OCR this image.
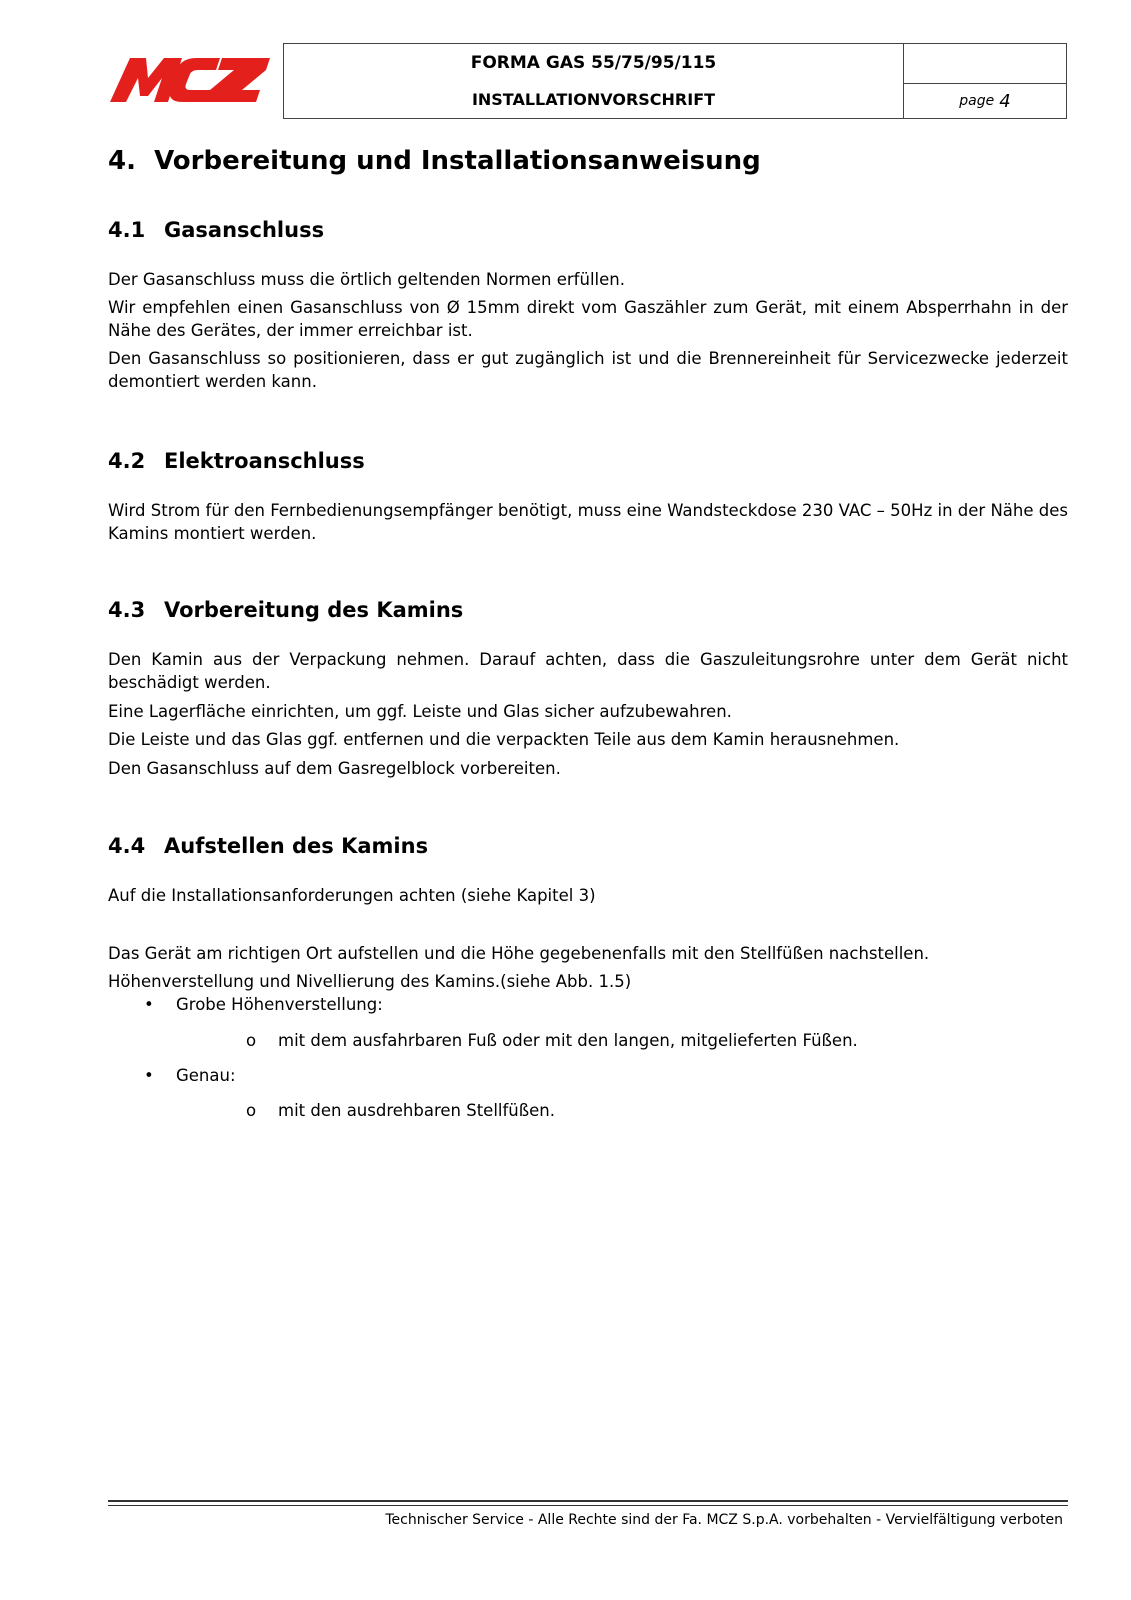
FORMA GAS 55/75/95/115
INSTALLATIONVORSCHRIFT	page 4
4.  Vorbereitung und Installationsanweisung
4.1 Gasanschluss

Der Gasanschluss muss die örtlich geltenden Normen erfüllen.

Wir empfehlen einen Gasanschluss von Ø 15mm direkt vom Gaszähler zum Gerät, mit einem Absperrhahn in der Nähe des Gerätes, der immer erreichbar ist.

Den Gasanschluss so positionieren, dass er gut zugänglich ist und die Brennereinheit für Servicezwecke jederzeit demontiert werden kann.

4.2 Elektroanschluss

Wird Strom für den Fernbedienungsempfänger benötigt, muss eine Wandsteckdose 230 VAC – 50Hz in der Nähe des Kamins montiert werden.

4.3 Vorbereitung des Kamins

Den Kamin aus der Verpackung nehmen. Darauf achten, dass die Gaszuleitungsrohre unter dem Gerät nicht beschädigt werden.

Eine Lagerfläche einrichten, um ggf. Leiste und Glas sicher aufzubewahren.

Die Leiste und das Glas ggf. entfernen und die verpackten Teile aus dem Kamin herausnehmen.

Den Gasanschluss auf dem Gasregelblock vorbereiten.

4.4 Aufstellen des Kamins

Auf die Installationsanforderungen achten (siehe Kapitel 3)

Das Gerät am richtigen Ort aufstellen und die Höhe gegebenenfalls mit den Stellfüßen nachstellen.

Höhenverstellung und Nivellierung des Kamins.(siehe Abb. 1.5)

• Grobe Höhenverstellung:
o mit dem ausfahrbaren Fuß oder mit den langen, mitgelieferten Füßen.
• Genau:
o mit den ausdrehbaren Stellfüßen.
Technischer Service - Alle Rechte sind der Fa. MCZ S.p.A. vorbehalten - Vervielfältigung verboten
